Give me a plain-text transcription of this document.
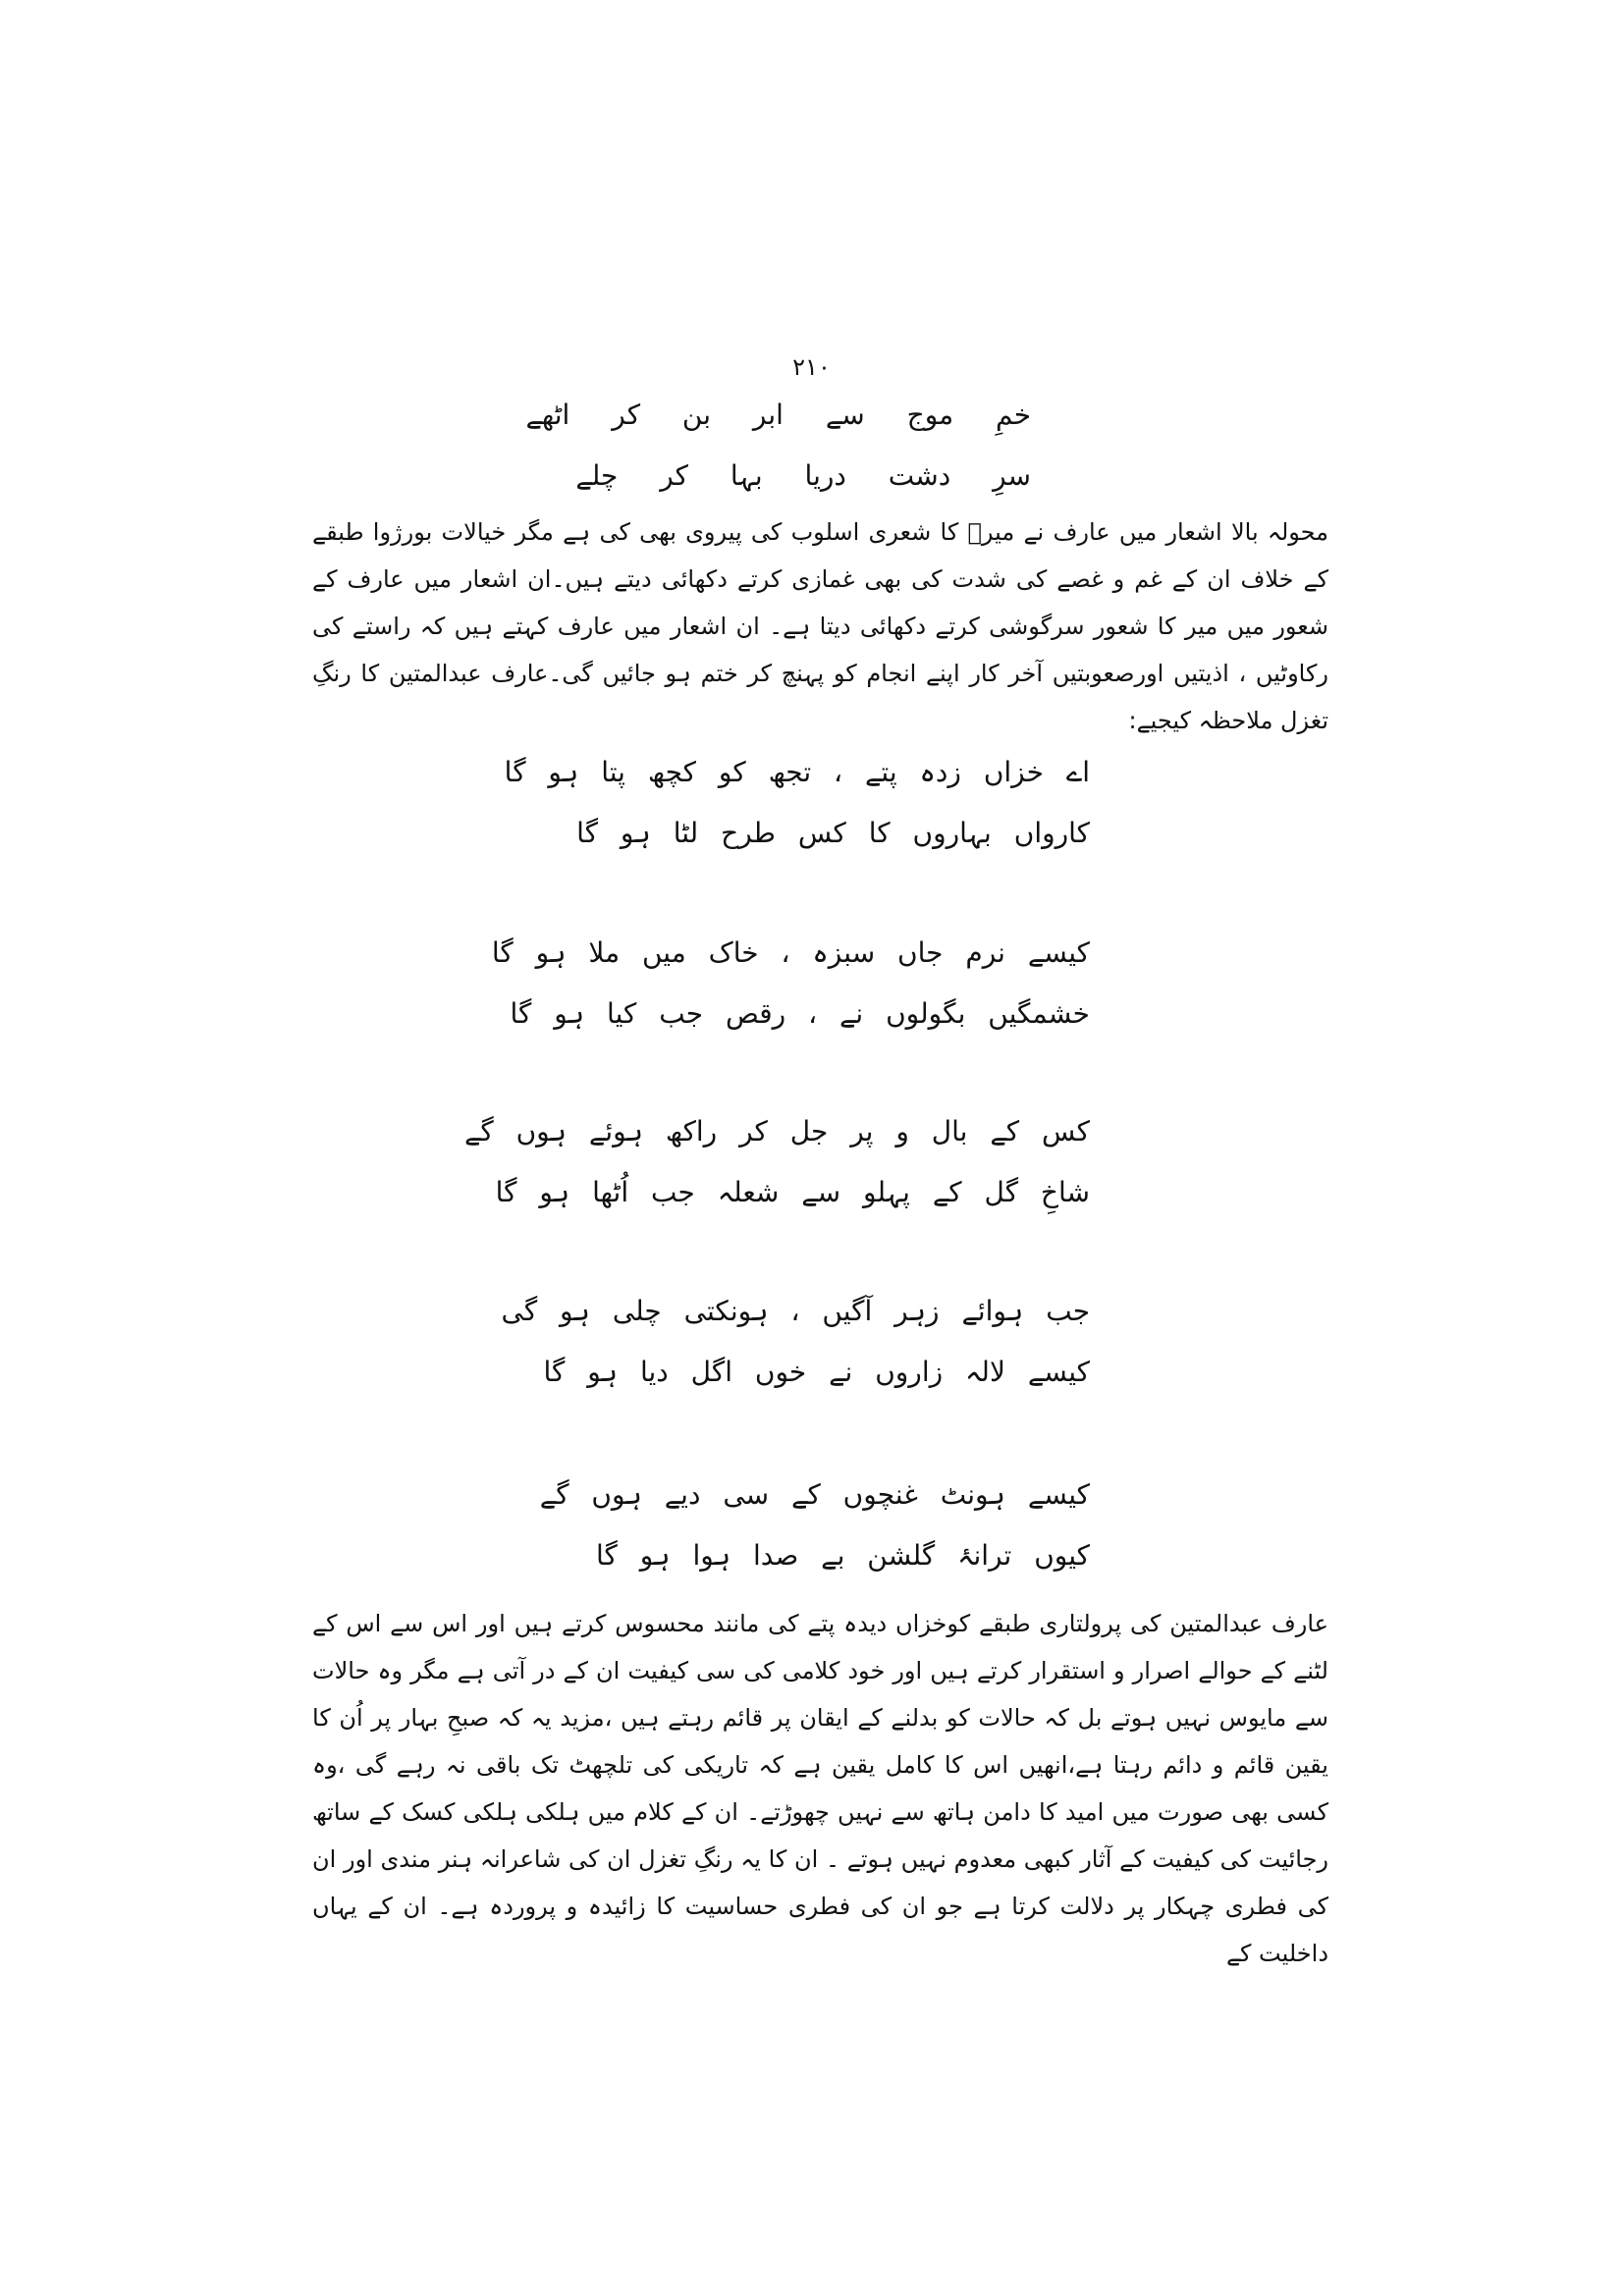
٢١٠
خمِ موج سے ابر بن کر اٹھے
سرِ دشت دریا بہا کر چلے
محولہ بالا اشعار میں عارف نے میرؔ کا شعری اسلوب کی پیروی بھی کی ہے مگر خیالات بورژوا طبقے کے خلاف ان کے غم و غصے کی شدت کی بھی غمازی کرتے دکھائی دیتے ہیں۔ان اشعار میں عارف کے شعور میں میر کا شعور سرگوشی کرتے دکھائی دیتا ہے۔ ان اشعار میں عارف کہتے ہیں کہ راستے کی رکاوٹیں ، اذیتیں اورصعوبتیں آخر کار اپنے انجام کو پہنچ کر ختم ہو جائیں گی۔عارف عبدالمتین کا رنگِ تغزل ملاحظہ کیجیے:
اے خزاں زدہ پتے ، تجھ کو کچھ پتا ہو گا
کارواں بہاروں کا کس طرح لٹا ہو گا
کیسے نرم جاں سبزہ ، خاک میں ملا ہو گا
خشمگیں بگولوں نے ، رقص جب کیا ہو گا
کس کے بال و پر جل کر راکھ ہوئے ہوں گے
شاخِ گل کے پہلو سے شعلہ جب اُٹھا ہو گا
جب ہوائے زہر آگیں ، ہونکتی چلی ہو گی
کیسے لالہ زاروں نے خوں اگل دیا ہو گا
کیسے ہونٹ غنچوں کے سی دیے ہوں گے
کیوں ترانۂ گلشن بے صدا ہوا ہو گا
عارف عبدالمتین کی پرولتاری طبقے کوخزاں دیدہ پتے کی مانند محسوس کرتے ہیں اور اس سے اس کے لٹنے کے حوالے اصرار و استقرار کرتے ہیں اور خود کلامی کی سی کیفیت ان کے در آتی ہے مگر وہ حالات سے مایوس نہیں ہوتے بل کہ حالات کو بدلنے کے ایقان پر قائم رہتے ہیں ،مزید یہ کہ صبحِ بہار پر اُن کا یقین قائم و دائم رہتا ہے،انھیں اس کا کامل یقین ہے کہ تاریکی کی تلچھٹ تک باقی نہ رہے گی ،وہ کسی بھی صورت میں امید کا دامن ہاتھ سے نہیں چھوڑتے۔ ان کے کلام میں ہلکی ہلکی کسک کے ساتھ رجائیت کی کیفیت کے آثار کبھی معدوم نہیں ہوتے ۔ ان کا یہ رنگِ تغزل ان کی شاعرانہ ہنر مندی اور ان کی فطری چہکار پر دلالت کرتا ہے جو ان کی فطری حساسیت کا زائیدہ و پروردہ ہے۔ ان کے یہاں داخلیت کے
